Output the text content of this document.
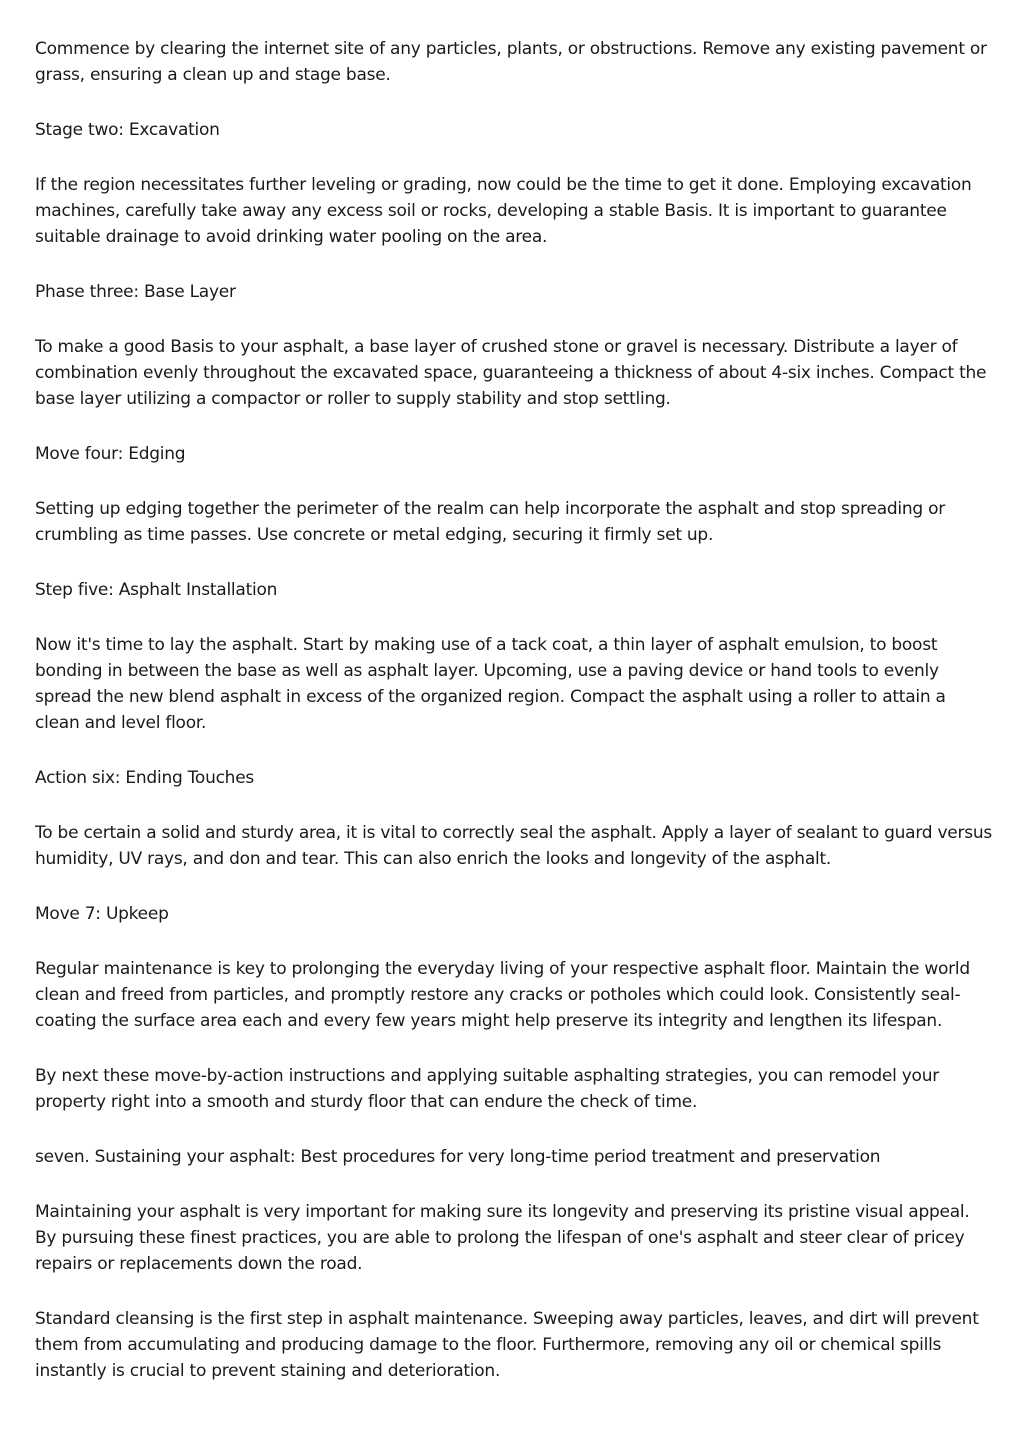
Commence by clearing the internet site of any particles, plants, or obstructions. Remove any existing pavement or grass, ensuring a clean up and stage base.

Stage two: Excavation

If the region necessitates further leveling or grading, now could be the time to get it done. Employing excavation machines, carefully take away any excess soil or rocks, developing a stable Basis. It is important to guarantee suitable drainage to avoid drinking water pooling on the area.

Phase three: Base Layer

To make a good Basis to your asphalt, a base layer of crushed stone or gravel is necessary. Distribute a layer of combination evenly throughout the excavated space, guaranteeing a thickness of about 4-six inches. Compact the base layer utilizing a compactor or roller to supply stability and stop settling.

Move four: Edging

Setting up edging together the perimeter of the realm can help incorporate the asphalt and stop spreading or crumbling as time passes. Use concrete or metal edging, securing it firmly set up.

Step five: Asphalt Installation

Now it's time to lay the asphalt. Start by making use of a tack coat, a thin layer of asphalt emulsion, to boost bonding in between the base as well as asphalt layer. Upcoming, use a paving device or hand tools to evenly spread the new blend asphalt in excess of the organized region. Compact the asphalt using a roller to attain a clean and level floor.

Action six: Ending Touches

To be certain a solid and sturdy area, it is vital to correctly seal the asphalt. Apply a layer of sealant to guard versus humidity, UV rays, and don and tear. This can also enrich the looks and longevity of the asphalt.

Move 7: Upkeep

Regular maintenance is key to prolonging the everyday living of your respective asphalt floor. Maintain the world clean and freed from particles, and promptly restore any cracks or potholes which could look. Consistently seal-coating the surface area each and every few years might help preserve its integrity and lengthen its lifespan.

By next these move-by-action instructions and applying suitable asphalting strategies, you can remodel your property right into a smooth and sturdy floor that can endure the check of time.

seven. Sustaining your asphalt: Best procedures for very long-time period treatment and preservation

Maintaining your asphalt is very important for making sure its longevity and preserving its pristine visual appeal. By pursuing these finest practices, you are able to prolong the lifespan of one's asphalt and steer clear of pricey repairs or replacements down the road.

Standard cleansing is the first step in asphalt maintenance. Sweeping away particles, leaves, and dirt will prevent them from accumulating and producing damage to the floor. Furthermore, removing any oil or chemical spills instantly is crucial to prevent staining and deterioration.
